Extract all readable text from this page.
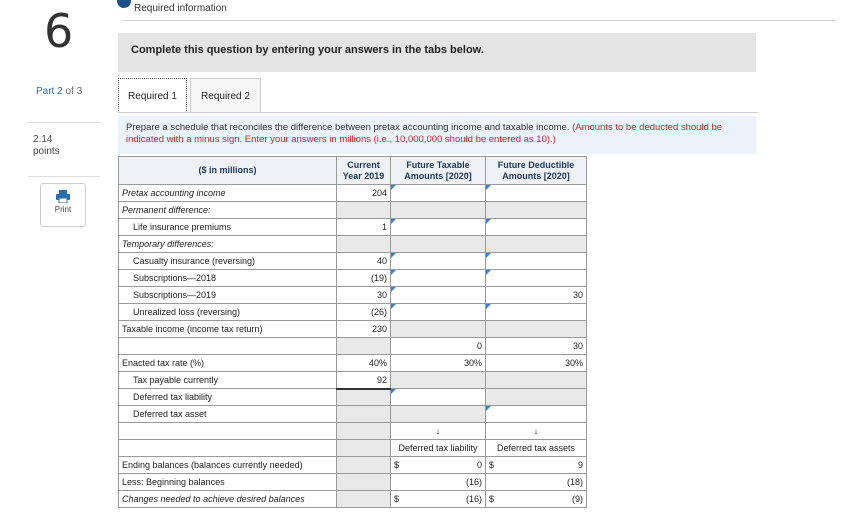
6
Part 2 of 3
2.14
points
Print
Required information
Complete this question by entering your answers in the tabs below.
Required 1	Required 2
Prepare a schedule that reconciles the difference between pretax accounting income and taxable income. (Amounts to be deducted should be indicated with a minus sign. Enter your answers in millions (i.e., 10,000,000 should be entered as 10).)
($ in millions)	Current Year 2019	Future Taxable Amounts [2020]	Future Deductible Amounts [2020]
Pretax accounting income	204	

Permanent difference:			
Life insurance premiums	1	

Temporary differences:			
Casualty insurance (reversing)	40	

Subscriptions—2018	(19)	

Subscriptions—2019	30		30
Unrealized loss (reversing)	(26)	

Taxable income (income tax return)	230		
		0	30
Enacted tax rate (%)	40%	30%	30%
Tax payable currently	92		
Deferred tax liability		

Deferred tax asset			

		↓	↓
		Deferred tax liability	Deferred tax assets
Ending balances (balances currently needed)		$ 0	$ 9

Less: Beginning balances		(16)	(18)
Changes needed to achieve desired balances		$ (16)	$ (9)
